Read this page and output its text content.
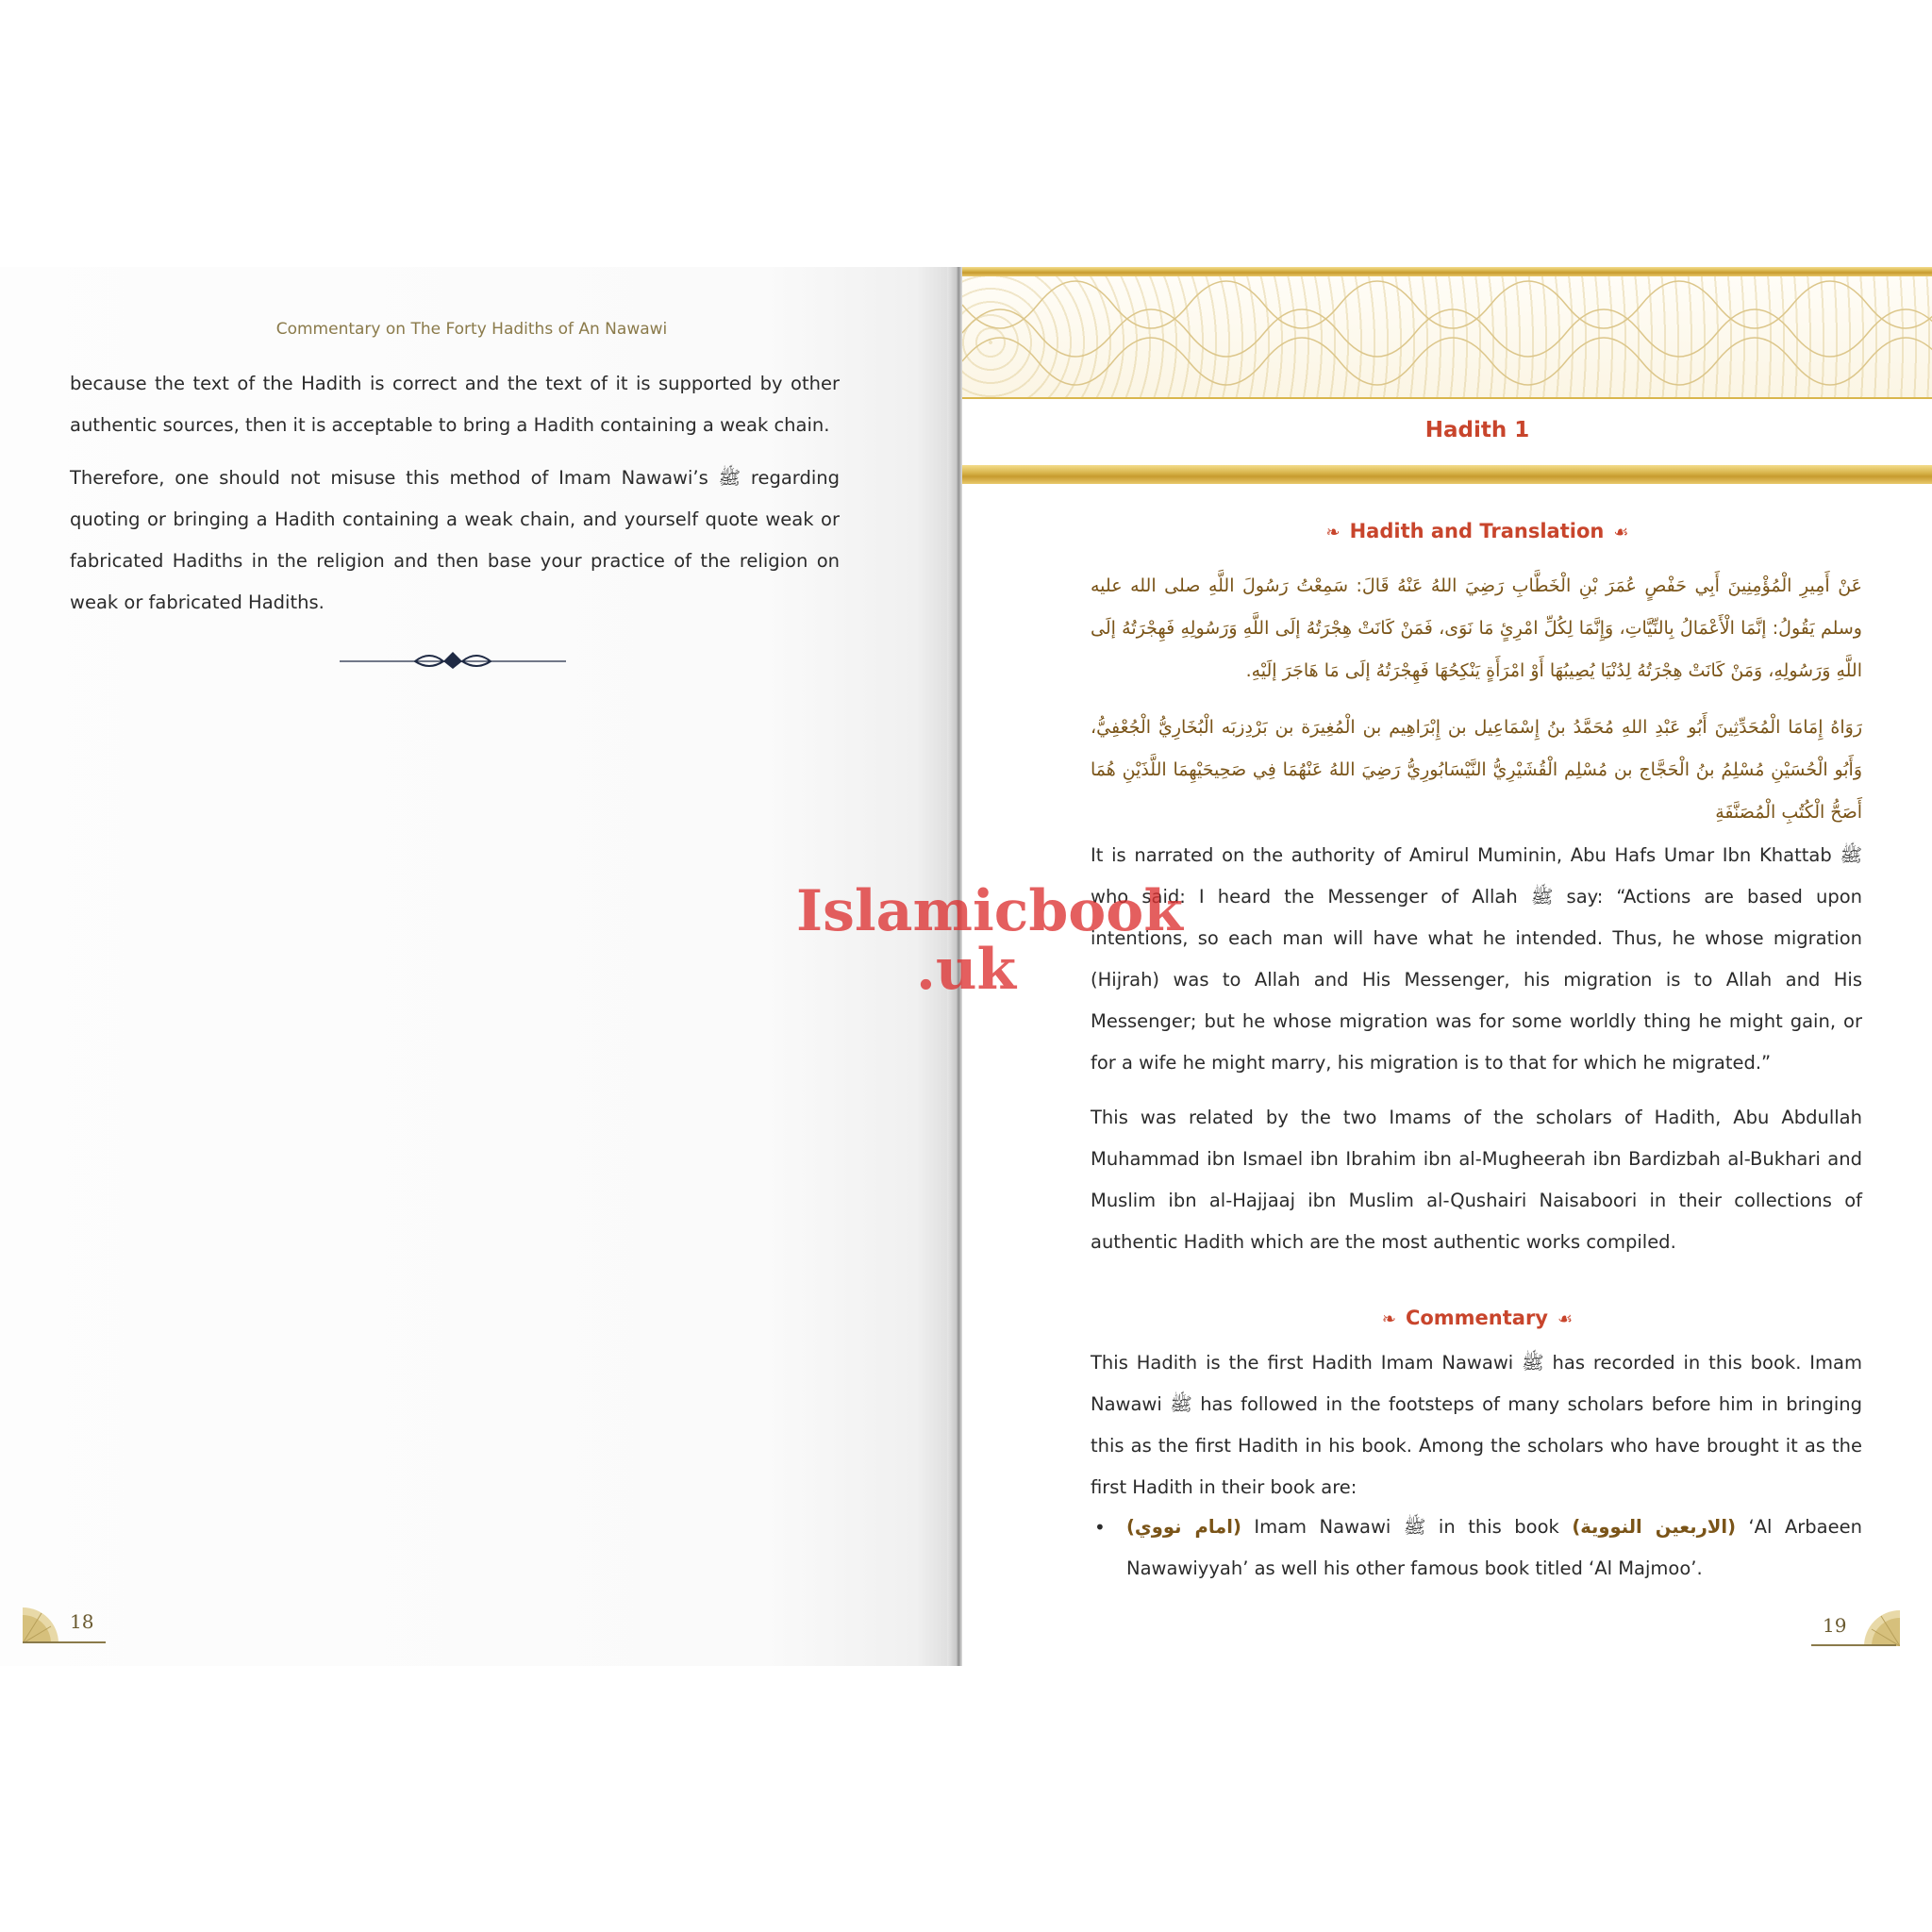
Commentary on The Forty Hadiths of An Nawawi

because the text of the Hadith is correct and the text of it is supported by other authentic sources, then it is acceptable to bring a Hadith containing a weak chain.

Therefore, one should not misuse this method of Imam Nawawi’s ﷺ regarding quoting or bringing a Hadith containing a weak chain, and yourself quote weak or fabricated Hadiths in the religion and then base your practice of the religion on weak or fabricated Hadiths.

18
Hadith 1
❧ Hadith and Translation ☙
عَنْ أَمِيرِ الْمُؤْمِنِينَ أَبِي حَفْصٍ عُمَرَ بْنِ الْخَطَّابِ رَضِيَ اللهُ عَنْهُ قَالَ: سَمِعْتُ رَسُولَ اللَّهِ صلى الله عليه وسلم يَقُولُ: إنَّمَا الْأَعْمَالُ بِالنِّيَّاتِ، وَإِنَّمَا لِكُلِّ امْرِئٍ مَا نَوَى، فَمَنْ كَانَتْ هِجْرَتُهُ إلَى اللَّهِ وَرَسُولِهِ فَهِجْرَتُهُ إلَى اللَّهِ وَرَسُولِهِ، وَمَنْ كَانَتْ هِجْرَتُهُ لِدُنْيَا يُصِيبُهَا أَوْ امْرَأَةٍ يَنْكِحُهَا فَهِجْرَتُهُ إلَى مَا هَاجَرَ إلَيْهِ.
رَوَاهُ إِمَامَا الْمُحَدِّثِينَ أَبُو عَبْدِ اللهِ مُحَمَّدُ بنُ إِسْمَاعِيل بن إِبْرَاهِيم بن الْمُغِيرَة بن بَرْدِزبَه الْبُخَارِيُّ الْجُعْفِيُّ، وَأَبُو الْحُسَيْنِ مُسْلِمُ بنُ الْحَجَّاج بن مُسْلِم الْقُشَيْرِيُّ النَّيْسَابُورِيُّ رَضِيَ اللهُ عَنْهُمَا فِي صَحِيحَيْهِمَا اللَّذَيْنِ هُمَا أَصَحُّ الْكُتُبِ الْمُصَنَّفَةِ

It is narrated on the authority of Amirul Muminin, Abu Hafs Umar Ibn Khattab ﷺ who said: I heard the Messenger of Allah ﷺ say: “Actions are based upon intentions, so each man will have what he intended. Thus, he whose migration (Hijrah) was to Allah and His Messenger, his migration is to Allah and His Messenger; but he whose migration was for some worldly thing he might gain, or for a wife he might marry, his migration is to that for which he migrated.”

This was related by the two Imams of the scholars of Hadith, Abu Abdullah Muhammad ibn Ismael ibn Ibrahim ibn al-Mugheerah ibn Bardizbah al-Bukhari and Muslim ibn al-Hajjaaj ibn Muslim al-Qushairi Naisaboori in their collections of authentic Hadith which are the most authentic works compiled.

❧ Commentary ☙

This Hadith is the first Hadith Imam Nawawi ﷺ has recorded in this book. Imam Nawawi ﷺ has followed in the footsteps of many scholars before him in bringing this as the first Hadith in his book. Among the scholars who have brought it as the first Hadith in their book are:

• (امام نووي) Imam Nawawi ﷺ in this book (الاربعين النووية) ‘Al Arbaeen Nawawiyyah’ as well his other famous book titled ‘Al Majmoo’.
19
Islamicbook
.uk
